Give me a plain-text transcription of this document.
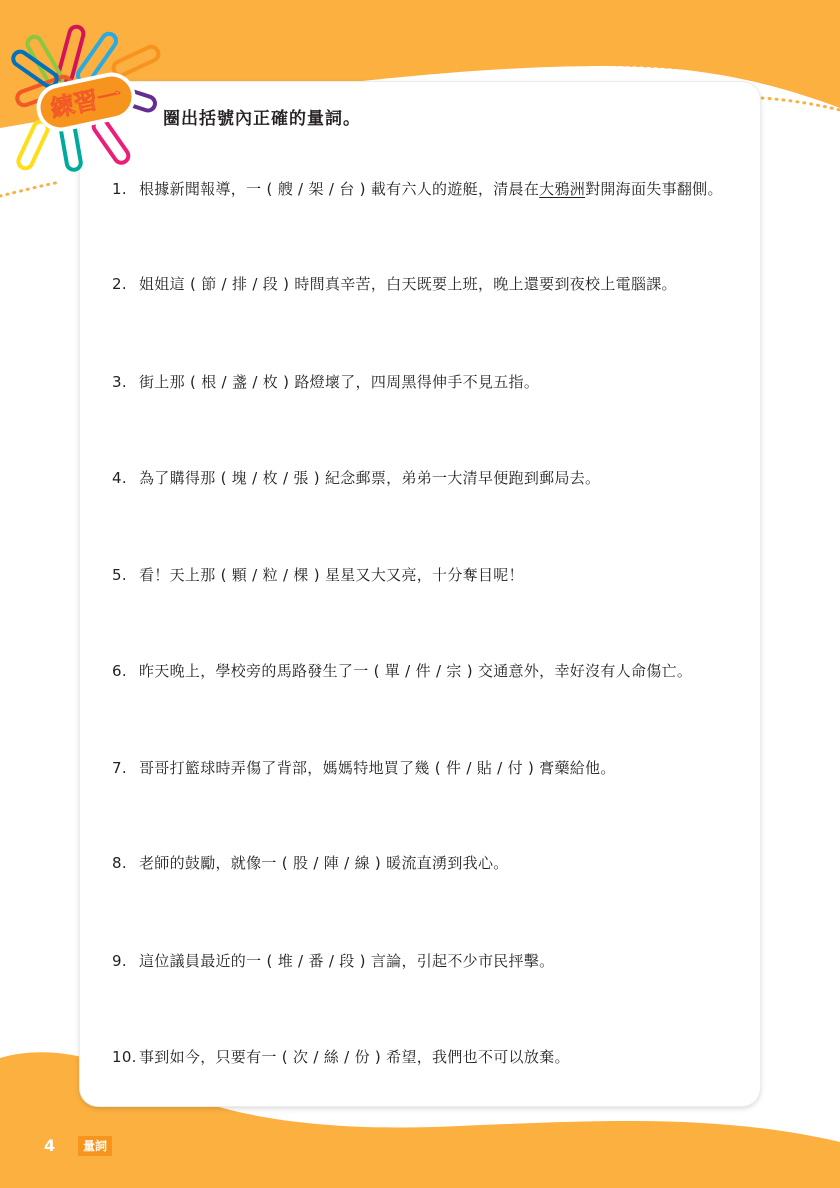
練習一 圈出括號內正確的量詞。
1. 根據新聞報導，一 ( 艘 / 架 / 台 ) 載有六人的遊艇，清晨在大鴉洲對開海面失事翻側。
2. 姐姐這 ( 節 / 排 / 段 ) 時間真辛苦，白天既要上班，晚上還要到夜校上電腦課。
3. 街上那 ( 根 / 盞 / 枚 ) 路燈壞了，四周黑得伸手不見五指。
4. 為了購得那 ( 塊 / 枚 / 張 ) 紀念郵票，弟弟一大清早便跑到郵局去。
5. 看！天上那 ( 顆 / 粒 / 棵 ) 星星又大又亮，十分奪目呢！
6. 昨天晚上，學校旁的馬路發生了一 ( 單 / 件 / 宗 ) 交通意外，幸好沒有人命傷亡。
7. 哥哥打籃球時弄傷了背部，媽媽特地買了幾 ( 件 / 貼 / 付 ) 膏藥給他。
8. 老師的鼓勵，就像一 ( 股 / 陣 / 線 ) 暖流直湧到我心。
9. 這位議員最近的一 ( 堆 / 番 / 段 ) 言論，引起不少市民抨擊。
10. 事到如今，只要有一 ( 次 / 絲 / 份 ) 希望，我們也不可以放棄。
4	量詞
